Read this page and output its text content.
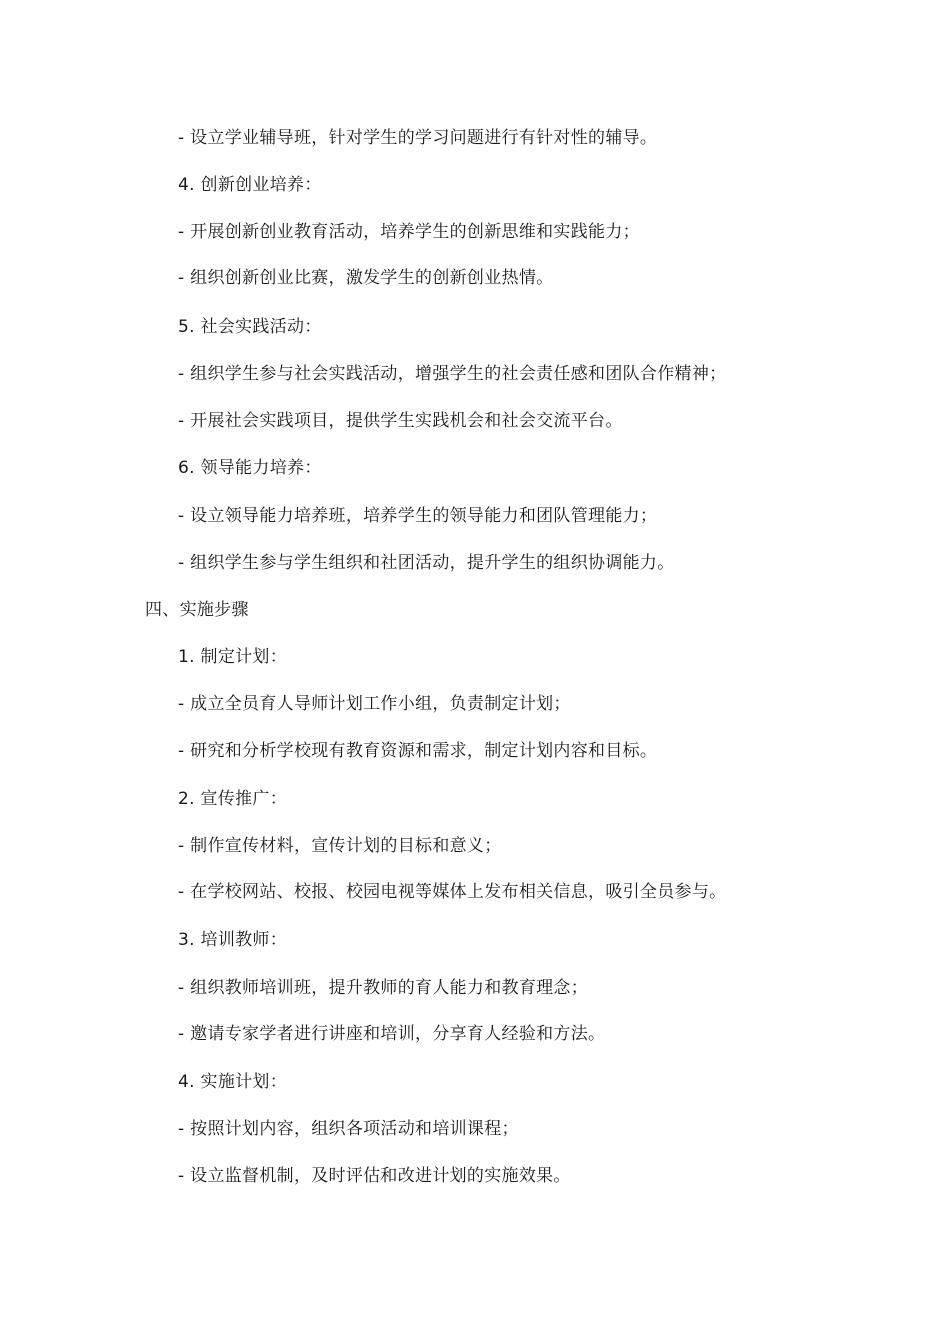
- 设立学业辅导班，针对学生的学习问题进行有针对性的辅导。
4. 创新创业培养：
- 开展创新创业教育活动，培养学生的创新思维和实践能力；
- 组织创新创业比赛，激发学生的创新创业热情。
5. 社会实践活动：
- 组织学生参与社会实践活动，增强学生的社会责任感和团队合作精神；
- 开展社会实践项目，提供学生实践机会和社会交流平台。
6. 领导能力培养：
- 设立领导能力培养班，培养学生的领导能力和团队管理能力；
- 组织学生参与学生组织和社团活动，提升学生的组织协调能力。
四、实施步骤
1. 制定计划：
- 成立全员育人导师计划工作小组，负责制定计划；
- 研究和分析学校现有教育资源和需求，制定计划内容和目标。
2. 宣传推广：
- 制作宣传材料，宣传计划的目标和意义；
- 在学校网站、校报、校园电视等媒体上发布相关信息，吸引全员参与。
3. 培训教师：
- 组织教师培训班，提升教师的育人能力和教育理念；
- 邀请专家学者进行讲座和培训，分享育人经验和方法。
4. 实施计划：
- 按照计划内容，组织各项活动和培训课程；
- 设立监督机制，及时评估和改进计划的实施效果。
